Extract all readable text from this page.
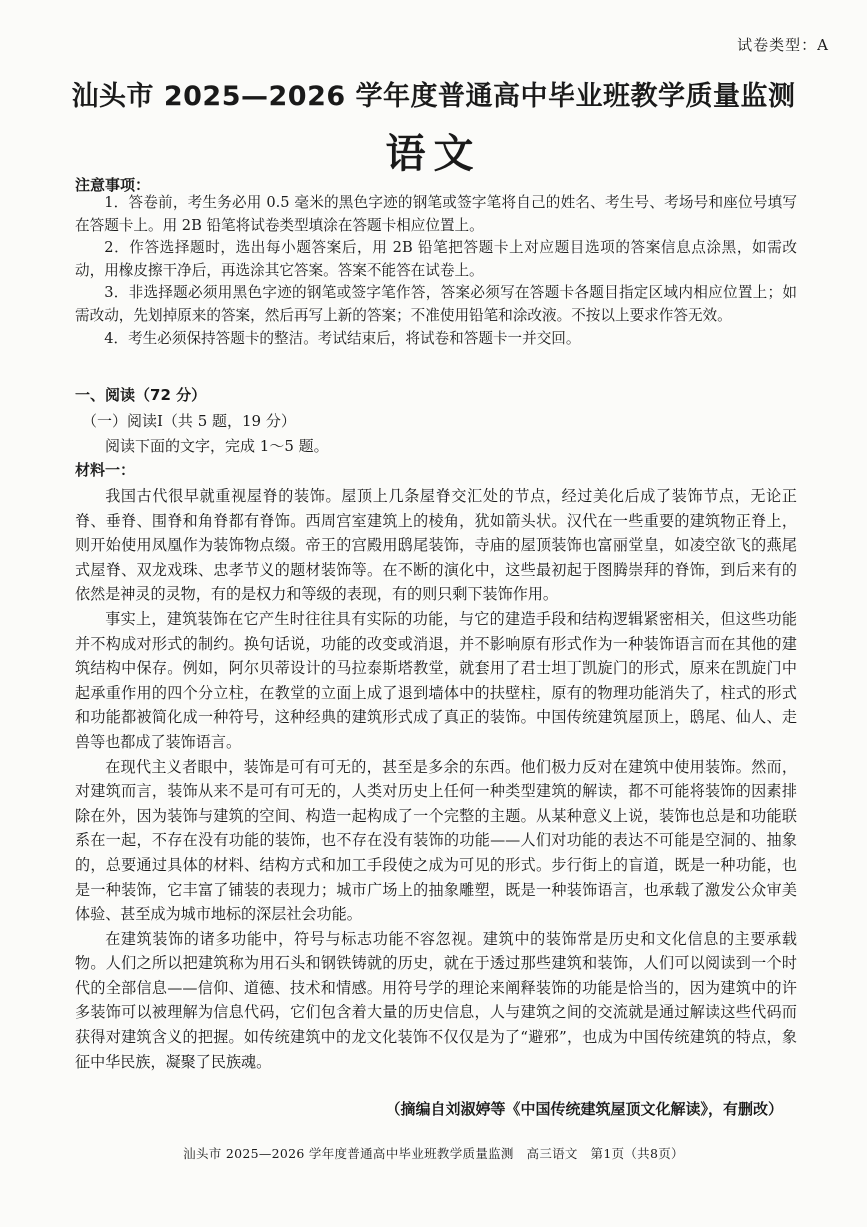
试卷类型：A
汕头市 2025—2026 学年度普通高中毕业班教学质量监测
语文
注意事项：

1．答卷前，考生务必用 0.5 毫米的黑色字迹的钢笔或签字笔将自己的姓名、考生号、考场号和座位号填写在答题卡上。用 2B 铅笔将试卷类型填涂在答题卡相应位置上。

2．作答选择题时，选出每小题答案后，用 2B 铅笔把答题卡上对应题目选项的答案信息点涂黑，如需改动，用橡皮擦干净后，再选涂其它答案。答案不能答在试卷上。

3．非选择题必须用黑色字迹的钢笔或签字笔作答，答案必须写在答题卡各题目指定区域内相应位置上；如需改动，先划掉原来的答案，然后再写上新的答案；不准使用铅笔和涂改液。不按以上要求作答无效。

4．考生必须保持答题卡的整洁。考试结束后，将试卷和答题卡一并交回。

一、阅读（72 分）
（一）阅读Ⅰ（共 5 题，19 分）
阅读下面的文字，完成 1～5 题。
材料一：

我国古代很早就重视屋脊的装饰。屋顶上几条屋脊交汇处的节点，经过美化后成了装饰节点，无论正脊、垂脊、围脊和角脊都有脊饰。西周宫室建筑上的棱角，犹如箭头状。汉代在一些重要的建筑物正脊上，则开始使用凤凰作为装饰物点缀。帝王的宫殿用鸱尾装饰，寺庙的屋顶装饰也富丽堂皇，如凌空欲飞的燕尾式屋脊、双龙戏珠、忠孝节义的题材装饰等。在不断的演化中，这些最初起于图腾崇拜的脊饰，到后来有的依然是神灵的灵物，有的是权力和等级的表现，有的则只剩下装饰作用。

事实上，建筑装饰在它产生时往往具有实际的功能，与它的建造手段和结构逻辑紧密相关，但这些功能并不构成对形式的制约。换句话说，功能的改变或消退，并不影响原有形式作为一种装饰语言而在其他的建筑结构中保存。例如，阿尔贝蒂设计的马拉泰斯塔教堂，就套用了君士坦丁凯旋门的形式，原来在凯旋门中起承重作用的四个分立柱，在教堂的立面上成了退到墙体中的扶壁柱，原有的物理功能消失了，柱式的形式和功能都被简化成一种符号，这种经典的建筑形式成了真正的装饰。中国传统建筑屋顶上，鸱尾、仙人、走兽等也都成了装饰语言。

在现代主义者眼中，装饰是可有可无的，甚至是多余的东西。他们极力反对在建筑中使用装饰。然而，对建筑而言，装饰从来不是可有可无的，人类对历史上任何一种类型建筑的解读，都不可能将装饰的因素排除在外，因为装饰与建筑的空间、构造一起构成了一个完整的主题。从某种意义上说，装饰也总是和功能联系在一起，不存在没有功能的装饰，也不存在没有装饰的功能——人们对功能的表达不可能是空洞的、抽象的，总要通过具体的材料、结构方式和加工手段使之成为可见的形式。步行街上的盲道，既是一种功能，也是一种装饰，它丰富了铺装的表现力；城市广场上的抽象雕塑，既是一种装饰语言，也承载了激发公众审美体验、甚至成为城市地标的深层社会功能。

在建筑装饰的诸多功能中，符号与标志功能不容忽视。建筑中的装饰常是历史和文化信息的主要承载物。人们之所以把建筑称为用石头和钢铁铸就的历史，就在于透过那些建筑和装饰，人们可以阅读到一个时代的全部信息——信仰、道德、技术和情感。用符号学的理论来阐释装饰的功能是恰当的，因为建筑中的许多装饰可以被理解为信息代码，它们包含着大量的历史信息，人与建筑之间的交流就是通过解读这些代码而获得对建筑含义的把握。如传统建筑中的龙文化装饰不仅仅是为了“避邪”，也成为中国传统建筑的特点，象征中华民族，凝聚了民族魂。

（摘编自刘淑婷等《中国传统建筑屋顶文化解读》，有删改）
汕头市 2025—2026 学年度普通高中毕业班教学质量监测　高三语文　第1页（共8页）
